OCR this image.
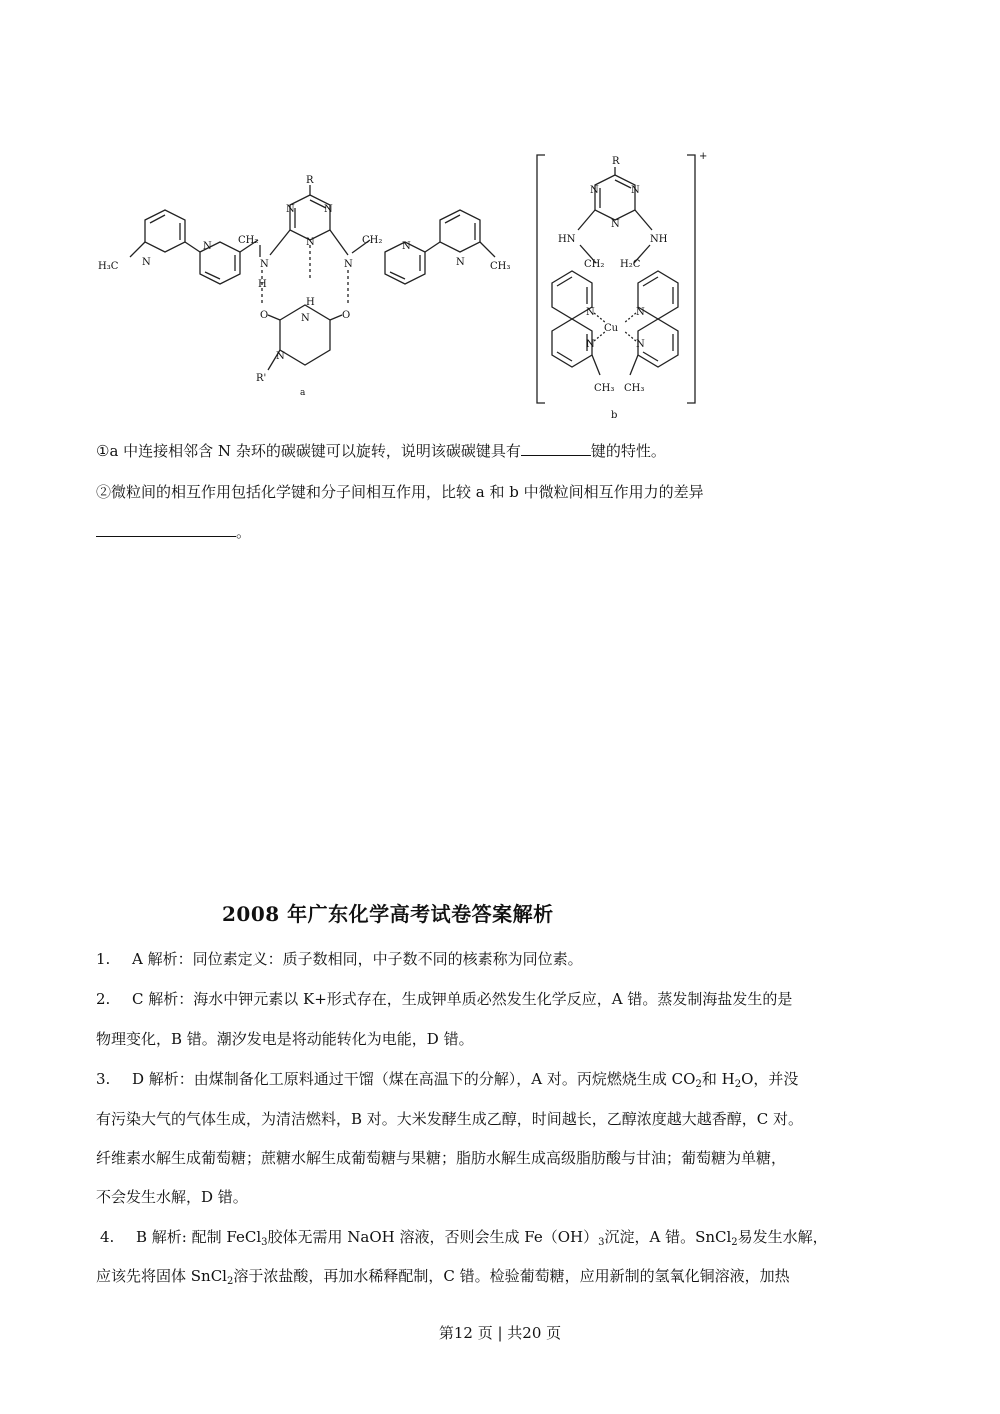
H₃C N
N
CH₂
N
R
N	N
N
N
CH₂
N
N	CH₃
H
H
O	N	O
N
R'
a
R	+
N	N
N
HN	NH
CH₂ H₂C
N	N
Cu
N	N
CH₃ CH₃
b
①a 中连接相邻含 N 杂环的碳碳键可以旋转，说明该碳碳键具有	键的特性。
②微粒间的相互作用包括化学键和分子间相互作用，比较 a 和 b 中微粒间相互作用力的差异
。
2008 年广东化学高考试卷答案解析
1. A 解析：同位素定义：质子数相同，中子数不同的核素称为同位素。
2. C 解析：海水中钾元素以 K+形式存在，生成钾单质必然发生化学反应，A 错。蒸发制海盐发生的是
物理变化，B 错。潮汐发电是将动能转化为电能，D 错。
3. D 解析：由煤制备化工原料通过干馏（煤在高温下的分解），A 对。丙烷燃烧生成 $CO_2$和 $H_2O$，并没
有污染大气的气体生成，为清洁燃料，B 对。大米发酵生成乙醇，时间越长，乙醇浓度越大越香醇，C 对。
纤维素水解生成葡萄糖；蔗糖水解生成葡萄糖与果糖；脂肪水解生成高级脂肪酸与甘油；葡萄糖为单糖，
不会发生水解，D 错。
4. B 解析: 配制 FeCl$_3$胶体无需用 NaOH 溶液，否则会生成 $Fe(OH)_3$沉淀，A 错。SnCl$_2$易发生水解，
应该先将固体 SnCl$_2$溶于浓盐酸，再加水稀释配制，C 错。检验葡萄糖，应用新制的氢氧化铜溶液，加热
第12 页 | 共20 页
